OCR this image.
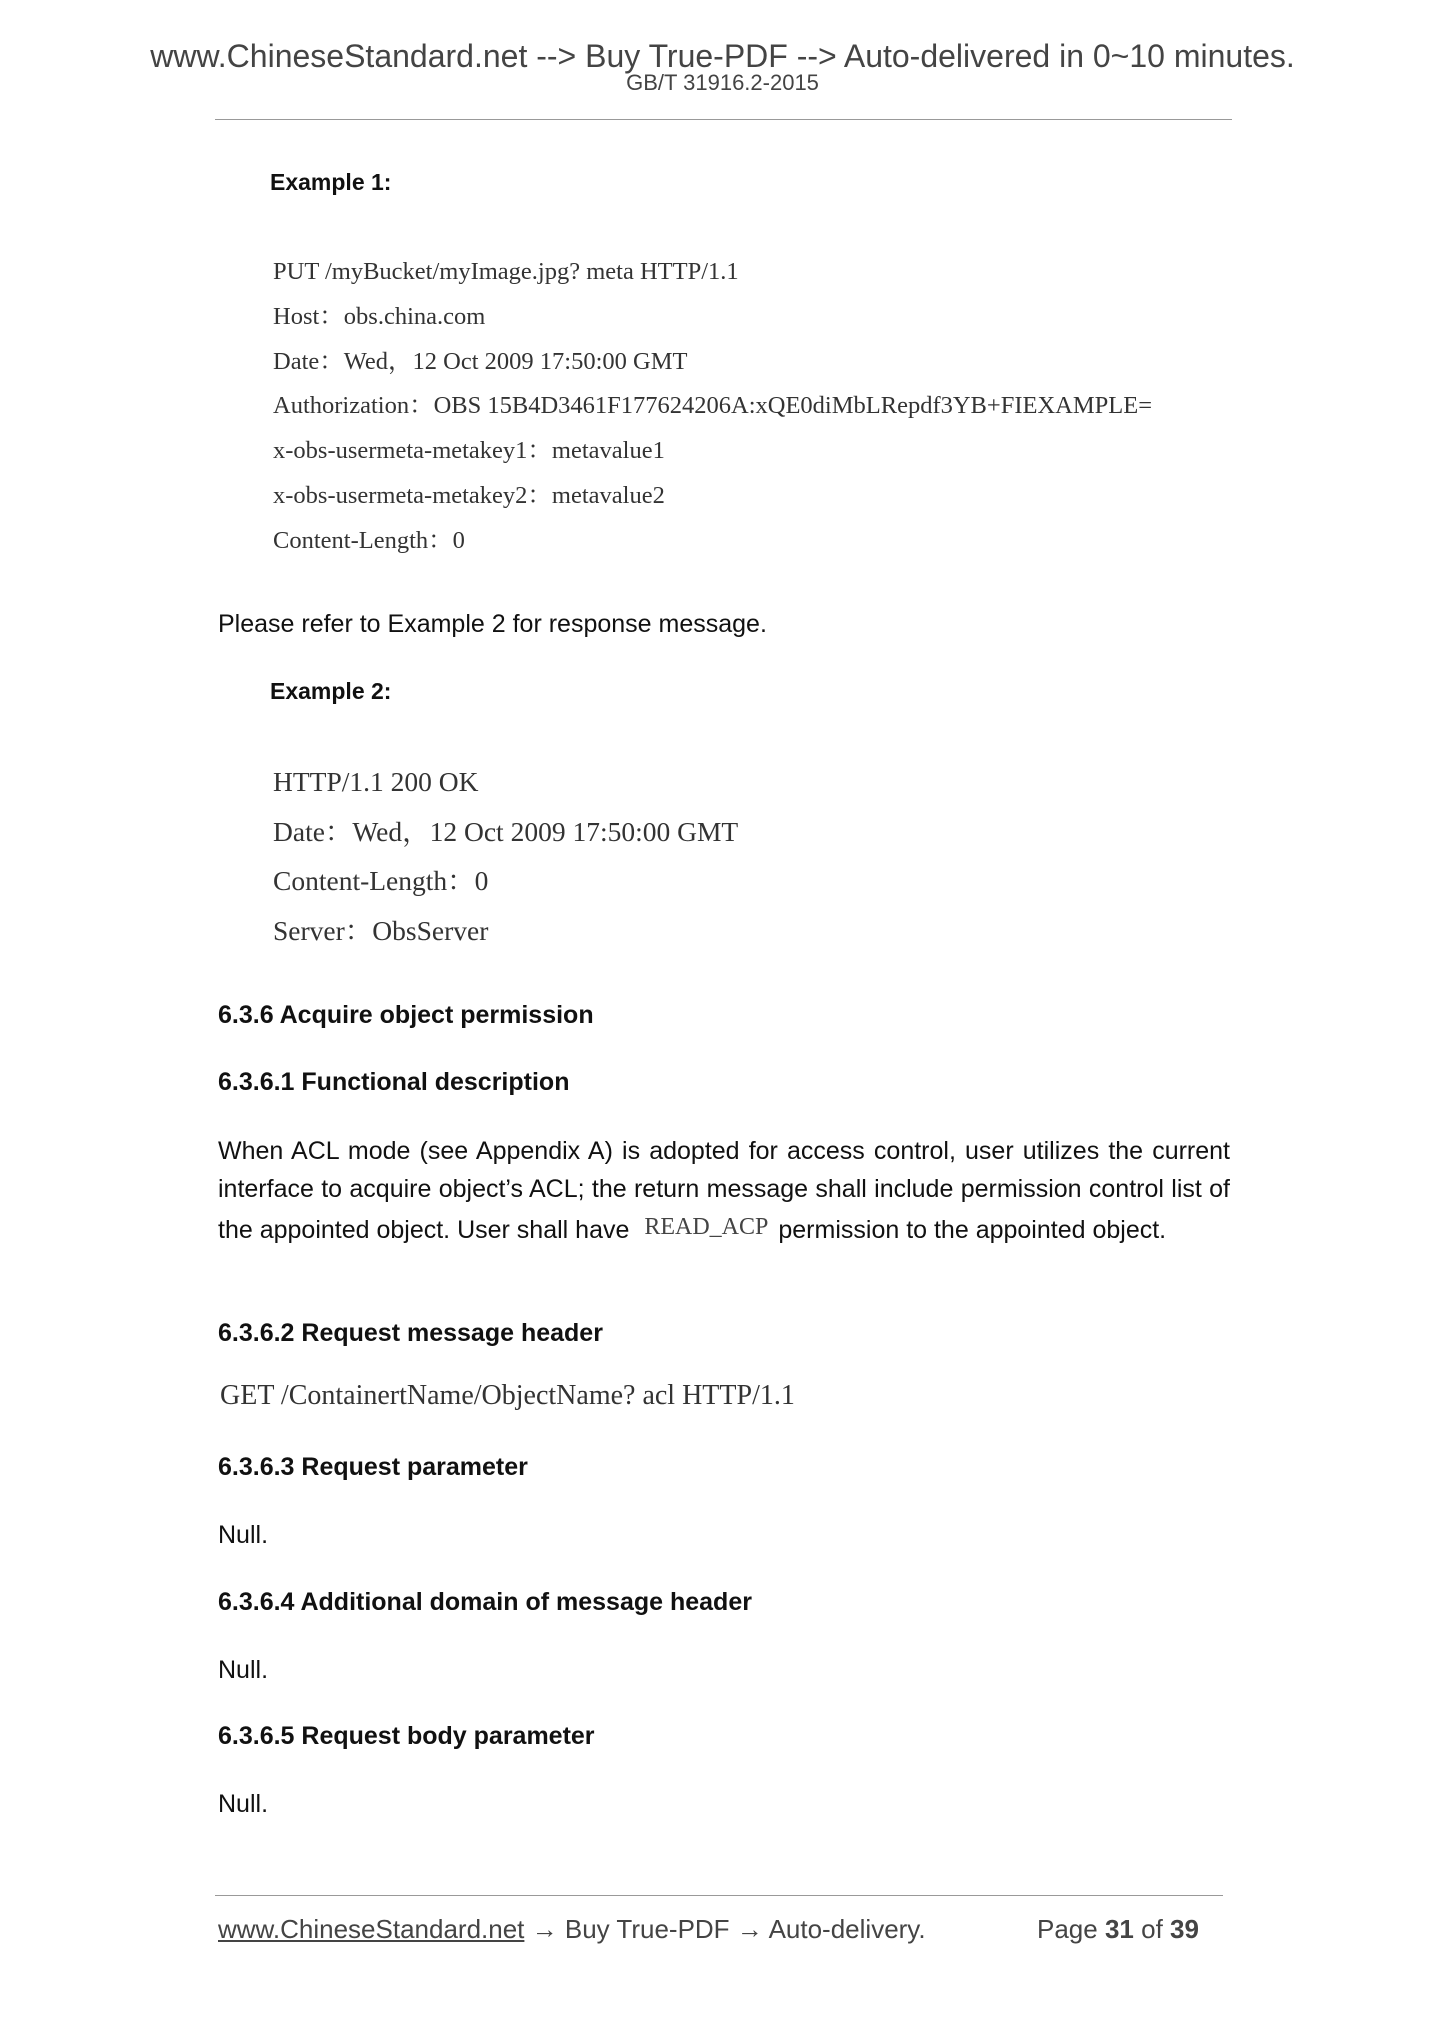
www.ChineseStandard.net --> Buy True-PDF --> Auto-delivered in 0~10 minutes.
GB/T 31916.2-2015
Example 1:
PUT /myBucket/myImage.jpg? meta HTTP/1.1
Host：obs.china.com
Date：Wed，12 Oct 2009 17:50:00 GMT
Authorization：OBS 15B4D3461F177624206A:xQE0diMbLRepdf3YB+FIEXAMPLE=
x-obs-usermeta-metakey1：metavalue1
x-obs-usermeta-metakey2：metavalue2
Content-Length：0
Please refer to Example 2 for response message.
Example 2:
HTTP/1.1 200 OK
Date：Wed，12 Oct 2009 17:50:00 GMT
Content-Length：0
Server：ObsServer
6.3.6 Acquire object permission
6.3.6.1 Functional description
When ACL mode (see Appendix A) is adopted for access control, user utilizes the current interface to acquire object’s ACL; the return message shall include permission control list of the appointed object. User shall have READ_ACP permission to the appointed object.
6.3.6.2 Request message header
GET /ContainertName/ObjectName? acl HTTP/1.1
6.3.6.3 Request parameter
Null.
6.3.6.4 Additional domain of message header
Null.
6.3.6.5 Request body parameter
Null.
www.ChineseStandard.net → Buy True-PDF → Auto-delivery.	Page 31 of 39
